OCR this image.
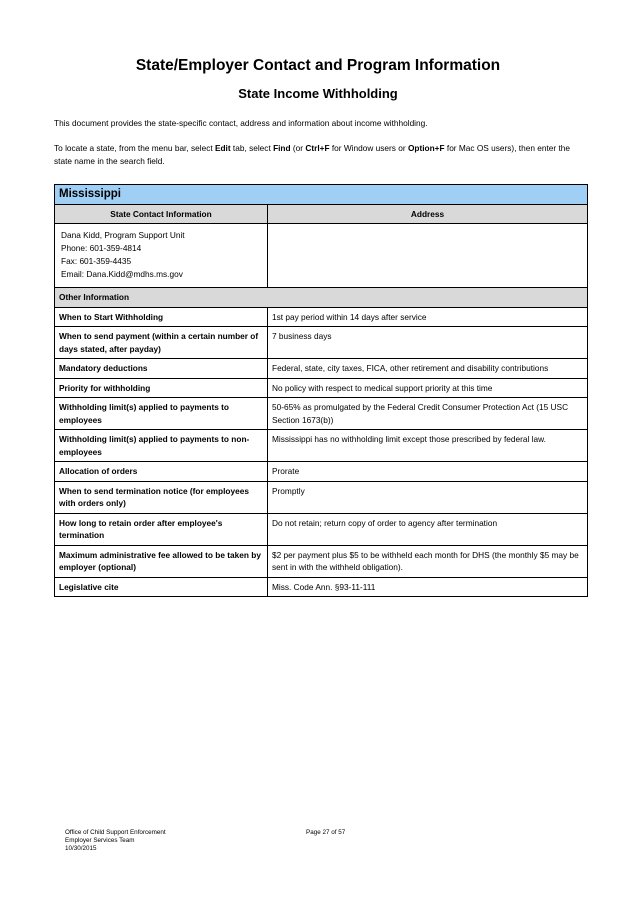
State/Employer Contact and Program Information
State Income Withholding

This document provides the state-specific contact, address and information about income withholding.

To locate a state, from the menu bar, select Edit tab, select Find (or Ctrl+F for Window users or Option+F for Mac OS users), then enter the state name in the search field.

Mississippi	
State Contact Information	Address

Dana Kidd, Program Support Unit
Phone: 601-359-4814
Fax: 601-359-4435
Email: Dana.Kidd@mdhs.ms.gov	

Other Information	
When to Start Withholding	1st pay period within 14 days after service
When to send payment (within a certain number of days stated, after payday)	7 business days
Mandatory deductions	Federal, state, city taxes, FICA, other retirement and disability contributions
Priority for withholding	No policy with respect to medical support priority at this time
Withholding limit(s) applied to payments to employees	50-65% as promulgated by the Federal Credit Consumer Protection Act (15 USC Section 1673(b))
Withholding limit(s) applied to payments to non-employees	Mississippi has no withholding limit except those prescribed by federal law.
Allocation of orders	Prorate
When to send termination notice (for employees with orders only)	Promptly
How long to retain order after employee's termination	Do not retain; return copy of order to agency after termination
Maximum administrative fee allowed to be taken by employer (optional)	$2 per payment plus $5 to be withheld each month for DHS (the monthly $5 may be sent in with the withheld obligation).
Legislative cite	Miss. Code Ann. §93-11-111
Office of Child Support Enforcement
Employer Services Team
10/30/2015
Page 27 of 57
